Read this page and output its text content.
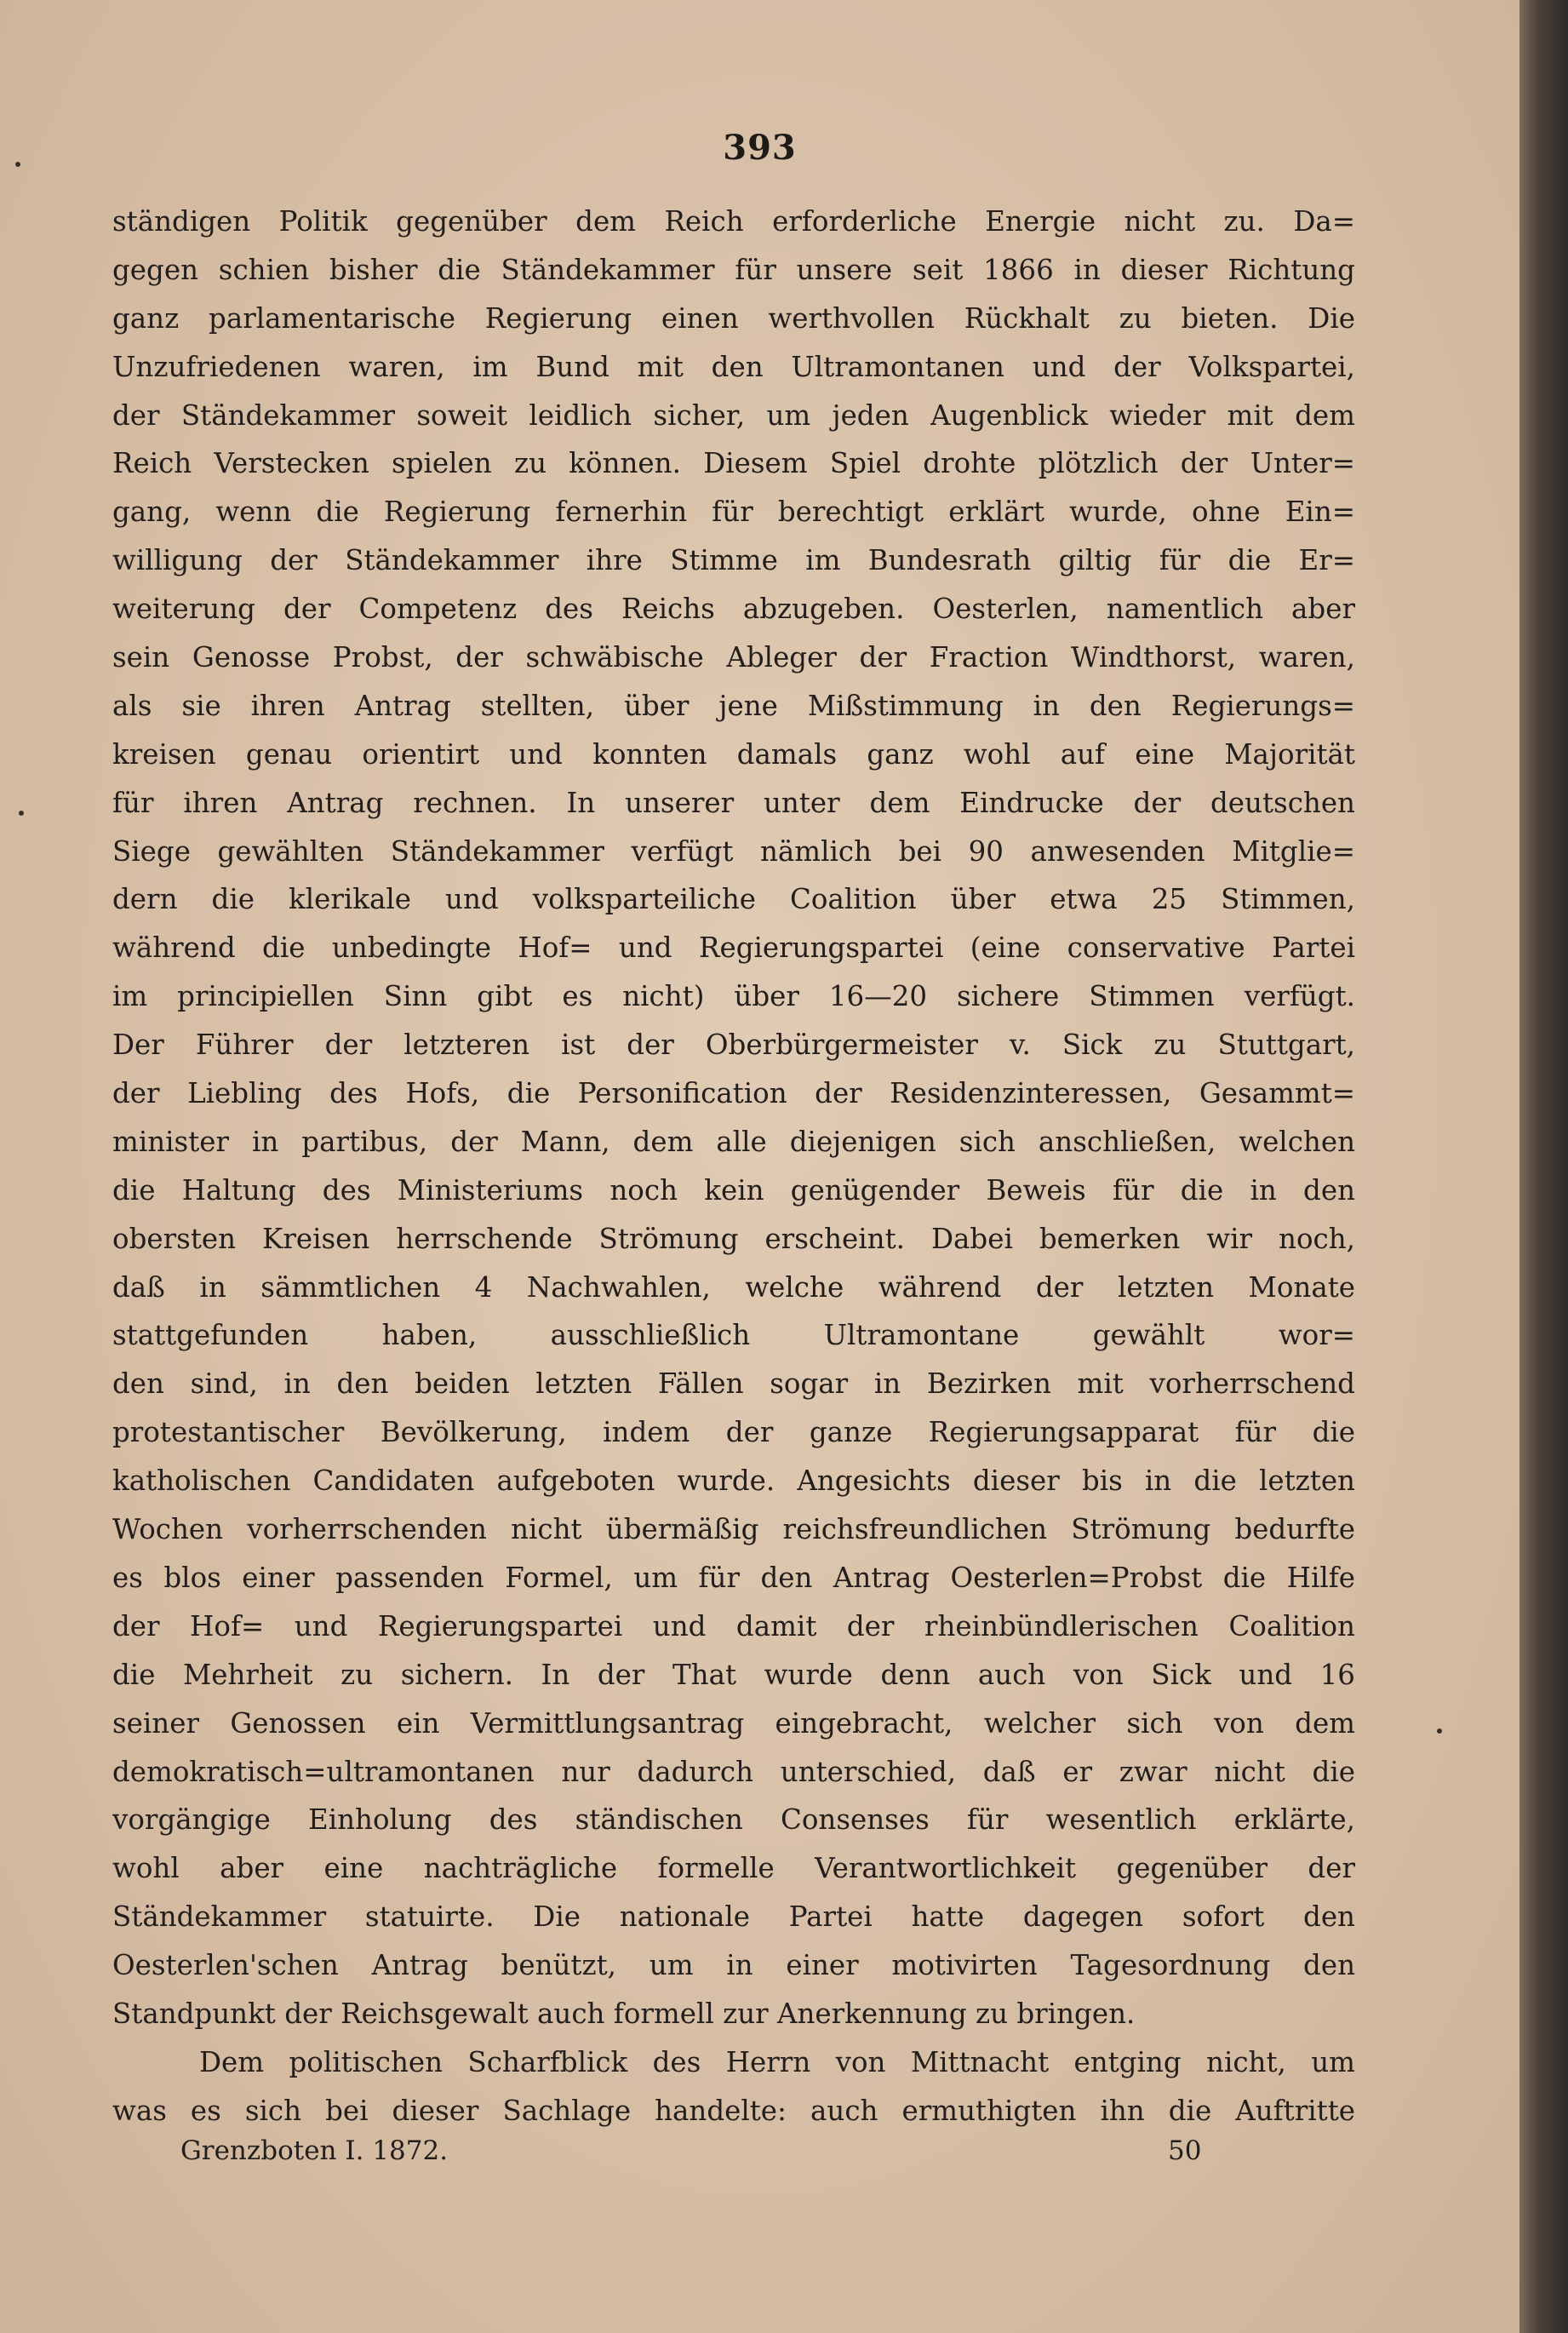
393
ständigen Politik gegenüber dem Reich erforderliche Energie nicht zu. Da=
gegen schien bisher die Ständekammer für unsere seit 1866 in dieser Richtung
ganz parlamentarische Regierung einen werthvollen Rückhalt zu bieten. Die
Unzufriedenen waren, im Bund mit den Ultramontanen und der Volkspartei,
der Ständekammer soweit leidlich sicher, um jeden Augenblick wieder mit dem
Reich Verstecken spielen zu können. Diesem Spiel drohte plötzlich der Unter=
gang, wenn die Regierung fernerhin für berechtigt erklärt wurde, ohne Ein=
willigung der Ständekammer ihre Stimme im Bundesrath giltig für die Er=
weiterung der Competenz des Reichs abzugeben. Oesterlen, namentlich aber
sein Genosse Probst, der schwäbische Ableger der Fraction Windthorst, waren,
als sie ihren Antrag stellten, über jene Mißstimmung in den Regierungs=
kreisen genau orientirt und konnten damals ganz wohl auf eine Majorität
für ihren Antrag rechnen. In unserer unter dem Eindrucke der deutschen
Siege gewählten Ständekammer verfügt nämlich bei 90 anwesenden Mitglie=
dern die klerikale und volksparteiliche Coalition über etwa 25 Stimmen,
während die unbedingte Hof= und Regierungspartei (eine conservative Partei
im principiellen Sinn gibt es nicht) über 16—20 sichere Stimmen verfügt.
Der Führer der letzteren ist der Oberbürgermeister v. Sick zu Stuttgart,
der Liebling des Hofs, die Personification der Residenzinteressen, Gesammt=
minister in partibus, der Mann, dem alle diejenigen sich anschließen, welchen
die Haltung des Ministeriums noch kein genügender Beweis für die in den
obersten Kreisen herrschende Strömung erscheint. Dabei bemerken wir noch,
daß in sämmtlichen 4 Nachwahlen, welche während der letzten Monate
stattgefunden haben, ausschließlich Ultramontane gewählt wor=
den sind, in den beiden letzten Fällen sogar in Bezirken mit vorherrschend
protestantischer Bevölkerung, indem der ganze Regierungsapparat für die
katholischen Candidaten aufgeboten wurde. Angesichts dieser bis in die letzten
Wochen vorherrschenden nicht übermäßig reichsfreundlichen Strömung bedurfte
es blos einer passenden Formel, um für den Antrag Oesterlen=Probst die Hilfe
der Hof= und Regierungspartei und damit der rheinbündlerischen Coalition
die Mehrheit zu sichern. In der That wurde denn auch von Sick und 16
seiner Genossen ein Vermittlungsantrag eingebracht, welcher sich von dem
demokratisch=ultramontanen nur dadurch unterschied, daß er zwar nicht die
vorgängige Einholung des ständischen Consenses für wesentlich erklärte,
wohl aber eine nachträgliche formelle Verantwortlichkeit gegenüber der
Ständekammer statuirte. Die nationale Partei hatte dagegen sofort den
Oesterlen'schen Antrag benützt, um in einer motivirten Tagesordnung den
Standpunkt der Reichsgewalt auch formell zur Anerkennung zu bringen.
Dem politischen Scharfblick des Herrn von Mittnacht entging nicht, um
was es sich bei dieser Sachlage handelte: auch ermuthigten ihn die Auftritte
Grenzboten I. 1872.	50
